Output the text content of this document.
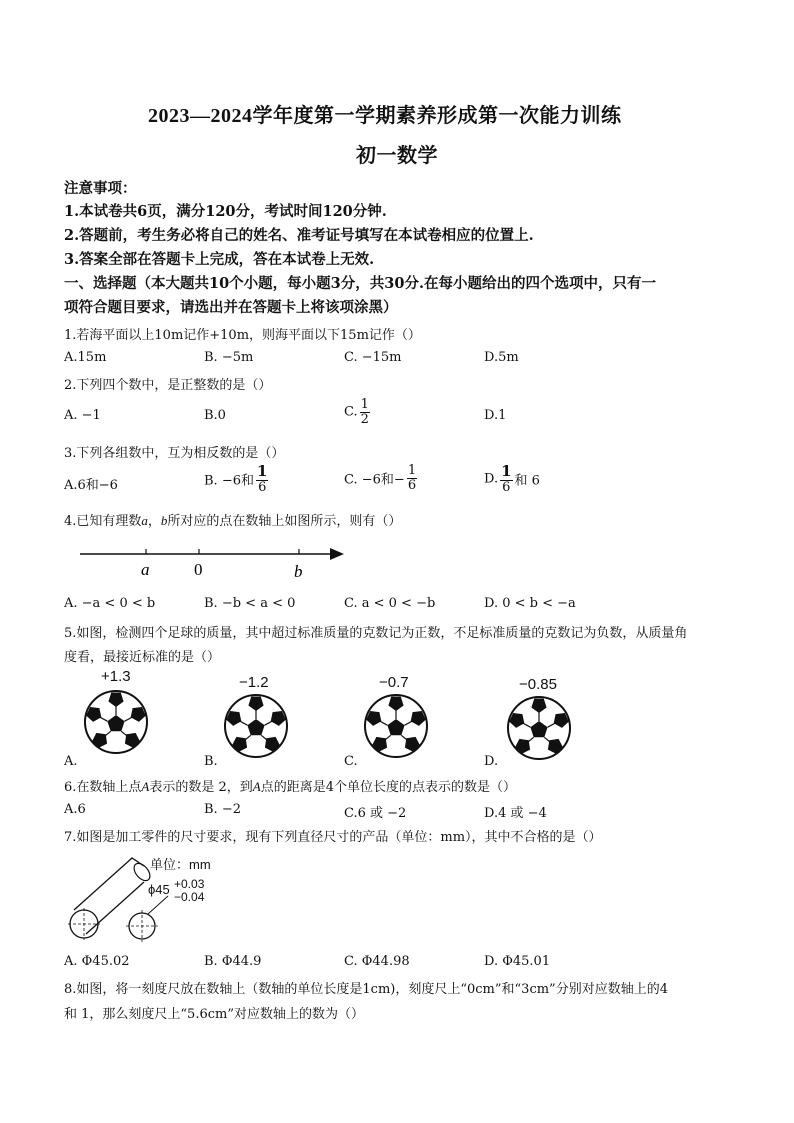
2023—2024学年度第一学期素养形成第一次能力训练
初一数学
注意事项：
1.本试卷共6页，满分120分，考试时间120分钟.
2.答题前，考生务必将自己的姓名、准考证号填写在本试卷相应的位置上.
3.答案全部在答题卡上完成，答在本试卷上无效.
一、选择题（本大题共10个小题，每小题3分，共30分.在每小题给出的四个选项中，只有一
项符合题目要求，请选出并在答题卡上将该项涂黑）
1.若海平面以上10m记作+10m，则海平面以下15m记作（）
A.15m	B. −5m	C. −15m	D.5m
2.下列四个数中，是正整数的是（）
A. −1	B.0	C. $\frac{1}{2}$	D.1
3.下列各组数中，互为相反数的是（）
A.6和−6	B. −6和 $\frac{1}{6}$	C. −6和− $\frac{1}{6}$	D. $\frac{1}{6}$ 和 6
4.已知有理数a，b所对应的点在数轴上如图所示，则有（）
a	0	b
A. −a < 0 < b	B. −b < a < 0	C. a < 0 < −b	D. 0 < b < −a
5.如图，检测四个足球的质量，其中超过标准质量的克数记为正数，不足标准质量的克数记为负数，从质量角
度看，最接近标准的是（）
+1.3	−1.2	−0.7	−0.85
A.	B.	C.	D.
6.在数轴上点A表示的数是 2，到A点的距离是4个单位长度的点表示的数是（）
A.6	B. −2	C.6 或 −2	D.4 或 −4
7.如图是加工零件的尺寸要求，现有下列直径尺寸的产品（单位：mm），其中不合格的是（）
单位：mm
ϕ45 +0.03
−0.04
A. Φ45.02	B. Φ44.9	C. Φ44.98	D. Φ45.01
8.如图，将一刻度尺放在数轴上（数轴的单位长度是1cm)，刻度尺上“0cm”和“3cm”分别对应数轴上的4
和 1，那么刻度尺上“5.6cm”对应数轴上的数为（）
